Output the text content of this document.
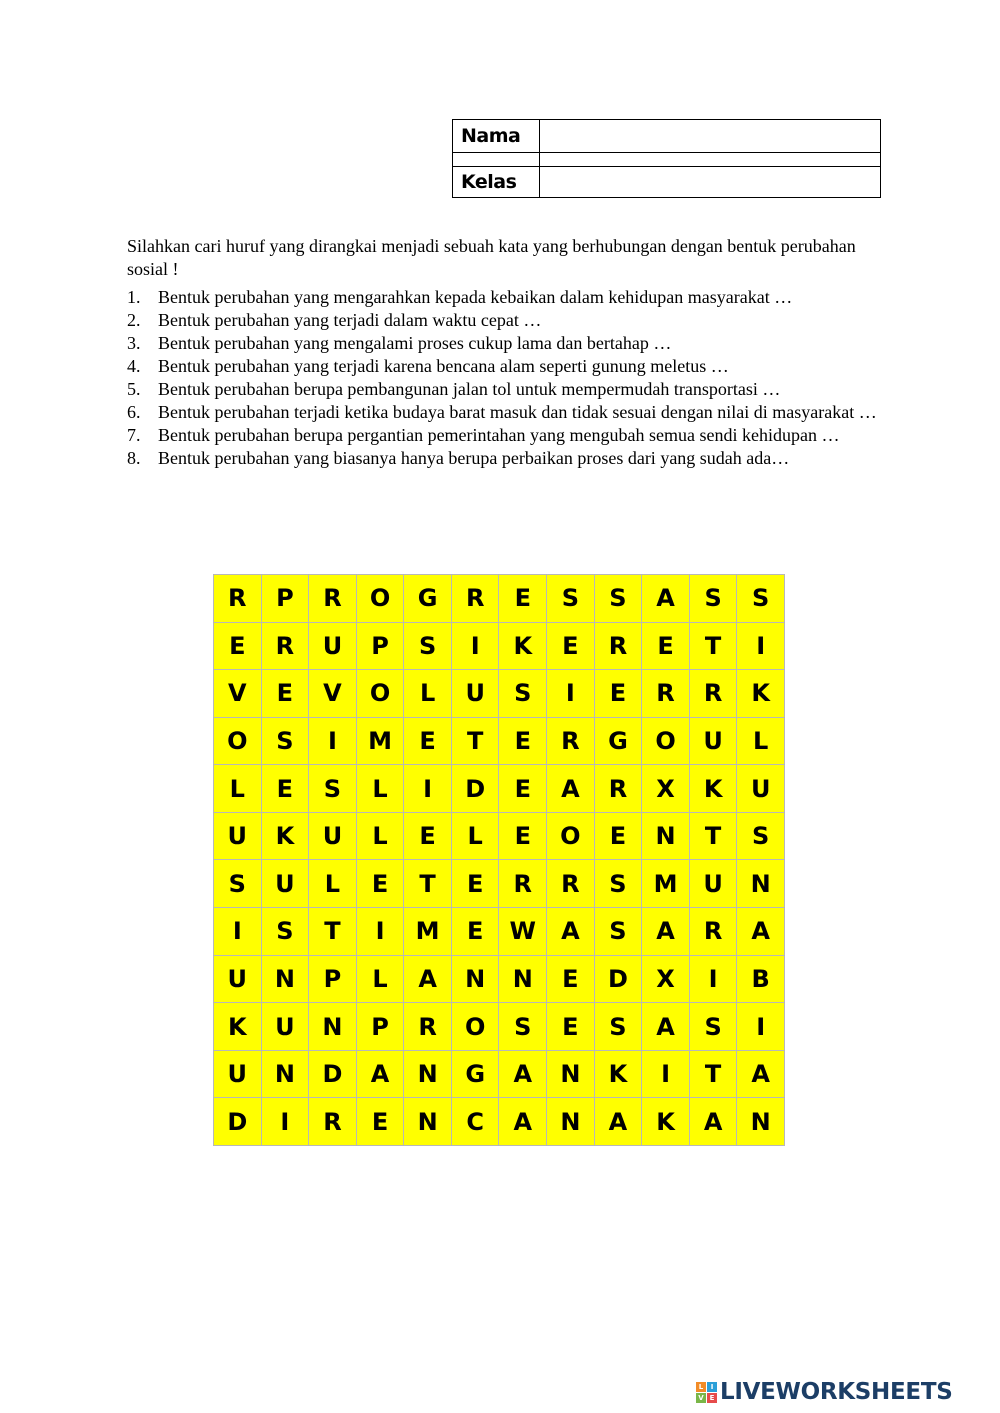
Nama	

Kelas	
Silahkan cari huruf yang dirangkai menjadi sebuah kata yang berhubungan dengan bentuk perubahan sosial !
1. Bentuk perubahan yang mengarahkan kepada kebaikan dalam kehidupan masyarakat …
2. Bentuk perubahan yang terjadi dalam waktu cepat …
3. Bentuk perubahan yang mengalami proses cukup lama dan bertahap …
4. Bentuk perubahan yang terjadi karena bencana alam seperti gunung meletus …
5. Bentuk perubahan berupa pembangunan jalan tol untuk mempermudah transportasi …
6. Bentuk perubahan terjadi ketika budaya barat masuk dan tidak sesuai dengan nilai di masyarakat …
7. Bentuk perubahan berupa pergantian pemerintahan yang mengubah semua sendi kehidupan …
8. Bentuk perubahan yang biasanya hanya berupa perbaikan proses dari yang sudah ada…
R	P	R	O	G	R	E	S	S	A	S	S
E	R	U	P	S	I	K	E	R	E	T	I
V	E	V	O	L	U	S	I	E	R	R	K
O	S	I	M	E	T	E	R	G	O	U	L
L	E	S	L	I	D	E	A	R	X	K	U
U	K	U	L	E	L	E	O	E	N	T	S
S	U	L	E	T	E	R	R	S	M	U	N
I	S	T	I	M	E	W	A	S	A	R	A
U	N	P	L	A	N	N	E	D	X	I	B
K	U	N	P	R	O	S	E	S	A	S	I
U	N	D	A	N	G	A	N	K	I	T	A
D	I	R	E	N	C	A	N	A	K	A	N
L	I
V E LIVEWORKSHEETS
